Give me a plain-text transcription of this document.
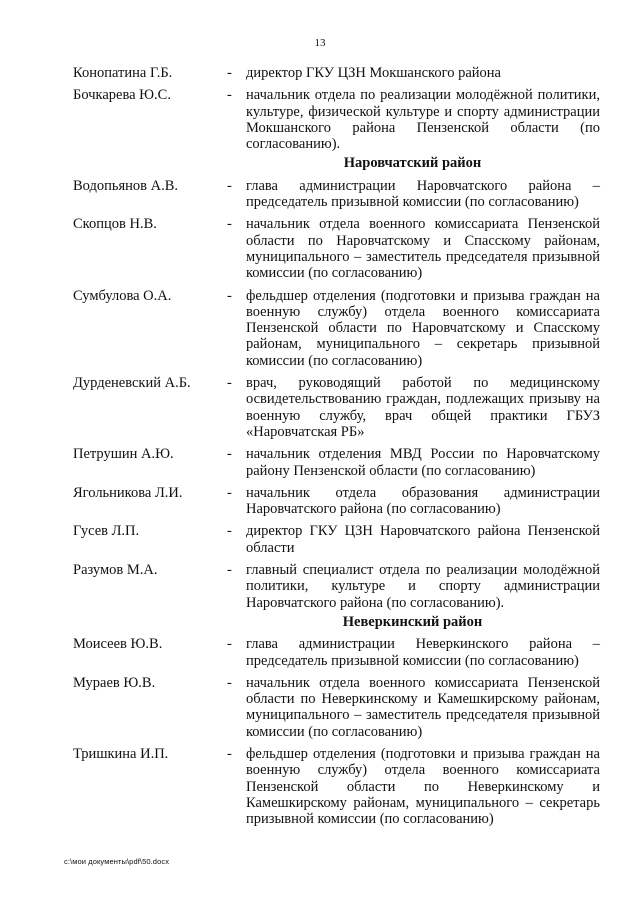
13
Конопатина Г.Б.	- директор ГКУ ЦЗН Мокшанского района
Бочкарева Ю.С.	- начальник отдела по реализации молодёжной политики, культуре, физической культуре и спорту администрации Мокшанского района Пензенской области (по согласованию).
Наровчатский район
Водопьянов А.В.	- глава администрации Наровчатского района – председатель призывной комиссии (по согласованию)
Скопцов Н.В.	- начальник отдела военного комиссариата Пензенской области по Наровчатскому и Спасскому районам, муниципального – заместитель председателя призывной комиссии (по согласованию)
Сумбулова О.А.	- фельдшер отделения (подготовки и призыва граждан на военную службу) отдела военного комиссариата Пензенской области по Наровчатскому и Спасскому районам, муниципального – секретарь призывной комиссии (по согласованию)
Дурденевский А.Б.	- врач, руководящий работой по медицинскому освидетельствованию граждан, подлежащих призыву на военную службу, врач общей практики ГБУЗ «Наровчатская РБ»
Петрушин А.Ю.	- начальник отделения МВД России по Наровчатскому району Пензенской области (по согласованию)
Ягольникова Л.И.	- начальник отдела образования администрации Наровчатского района (по согласованию)
Гусев Л.П.	- директор ГКУ ЦЗН Наровчатского района Пензенской области
Разумов М.А.	- главный специалист отдела по реализации молодёжной политики, культуре и спорту администрации Наровчатского района (по согласованию).
Неверкинский район
Моисеев Ю.В.	- глава администрации Неверкинского района – председатель призывной комиссии (по согласованию)
Мураев Ю.В.	- начальник отдела военного комиссариата Пензенской области по Неверкинскому и Камешкирскому районам, муниципального – заместитель председателя призывной комиссии (по согласованию)
Тришкина И.П.	- фельдшер отделения (подготовки и призыва граждан на военную службу) отдела военного комиссариата Пензенской области по Неверкинскому и Камешкирскому районам, муниципального – секретарь призывной комиссии (по согласованию)
c:\мои документы\pdf\50.docx
